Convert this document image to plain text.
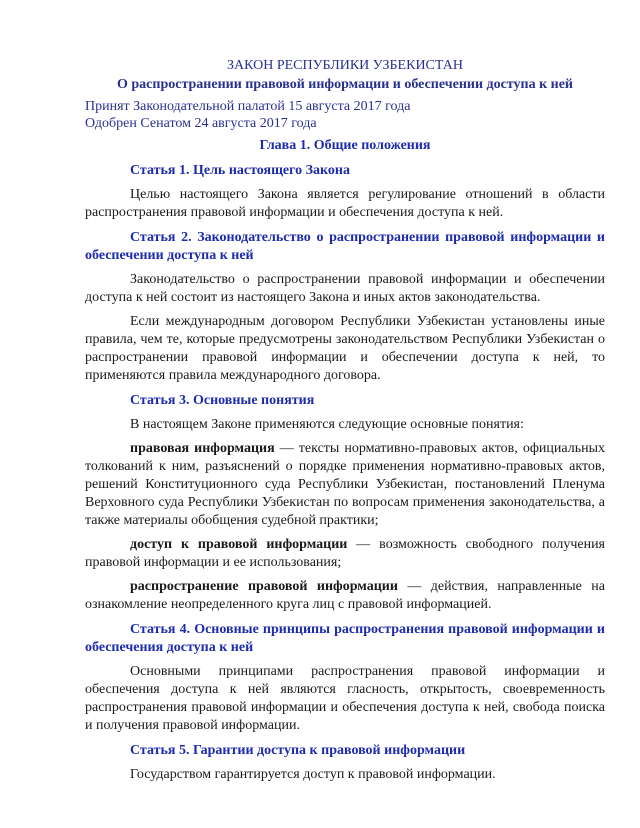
ЗАКОН РЕСПУБЛИКИ УЗБЕКИСТАН
О распространении правовой информации и обеспечении доступа к ней
Принят Законодательной палатой 15 августа 2017 года
Одобрен Сенатом 24 августа 2017 года
Глава 1. Общие положения
Статья 1. Цель настоящего Закона

Целью настоящего Закона является регулирование отношений в области распространения правовой информации и обеспечения доступа к ней.

Статья 2. Законодательство о распространении правовой информации и обеспечении доступа к ней

Законодательство о распространении правовой информации и обеспечении доступа к ней состоит из настоящего Закона и иных актов законодательства.

Если международным договором Республики Узбекистан установлены иные правила, чем те, которые предусмотрены законодательством Республики Узбекистан о распространении правовой информации и обеспечении доступа к ней, то применяются правила международного договора.

Статья 3. Основные понятия

В настоящем Законе применяются следующие основные понятия:

правовая информация — тексты нормативно-правовых актов, официальных толкований к ним, разъяснений о порядке применения нормативно-правовых актов, решений Конституционного суда Республики Узбекистан, постановлений Пленума Верховного суда Республики Узбекистан по вопросам применения законодательства, а также материалы обобщения судебной практики;

доступ к правовой информации — возможность свободного получения правовой информации и ее использования;

распространение правовой информации — действия, направленные на ознакомление неопределенного круга лиц с правовой информацией.

Статья 4. Основные принципы распространения правовой информации и обеспечения доступа к ней

Основными принципами распространения правовой информации и обеспечения доступа к ней являются гласность, открытость, своевременность распространения правовой информации и обеспечения доступа к ней, свобода поиска и получения правовой информации.

Статья 5. Гарантии доступа к правовой информации

Государством гарантируется доступ к правовой информации.
